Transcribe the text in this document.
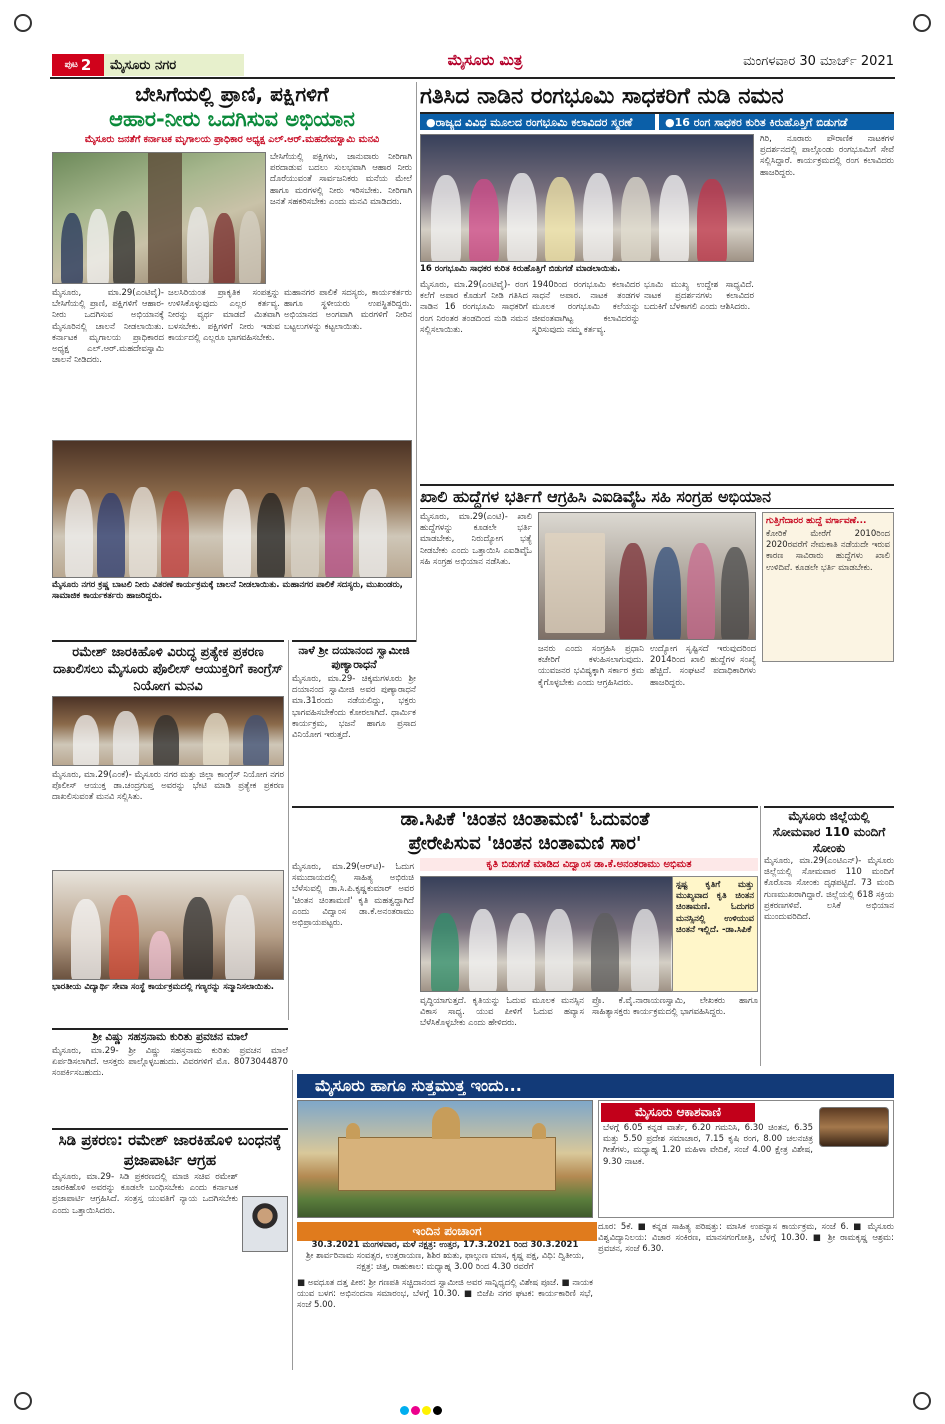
ಪುಟ 2	ಮೈಸೂರು ನಗರ	ಮೈಸೂರು ಮಿತ್ರ	ಮಂಗಳವಾರ 30 ಮಾರ್ಚ್ 2021
ಬೇಸಿಗೆಯಲ್ಲಿ ಪ್ರಾಣಿ, ಪಕ್ಷಿಗಳಿಗೆ
ಆಹಾರ-ನೀರು ಒದಗಿಸುವ ಅಭಿಯಾನ
ಮೈಸೂರು ಜನತೆಗೆ ಕರ್ನಾಟಕ ಮೃಗಾಲಯ ಪ್ರಾಧಿಕಾರ ಅಧ್ಯಕ್ಷ ಎಲ್.ಆರ್.ಮಹದೇವಸ್ವಾಮಿ ಮನವಿ

ಬೇಸಿಗೆಯಲ್ಲಿ ಪಕ್ಷಿಗಳು, ಜಾನುವಾರು ನೀರಿಗಾಗಿ ಪರದಾಡುವ ಬದಲು ಸುಲಭವಾಗಿ ಆಹಾರ ನೀರು ದೊರೆಯುವಂತೆ ಸಾರ್ವಜನಿಕರು ಮನೆಯ ಮೇಲೆ ಹಾಗೂ ಮರಗಳಲ್ಲಿ ನೀರು ಇರಿಸಬೇಕು. ನೀರಿಗಾಗಿ ಜನತೆ ಸಹಕರಿಸಬೇಕು ಎಂದು ಮನವಿ ಮಾಡಿದರು.

ಮೈಸೂರು, ಮಾ.29(ಎಂಟಿವೈ)- ಬೇಸಿಗೆಯಲ್ಲಿ ಪ್ರಾಣಿ, ಪಕ್ಷಿಗಳಿಗೆ ಆಹಾರ-ನೀರು ಒದಗಿಸುವ ಅಭಿಯಾನಕ್ಕೆ ಮೈಸೂರಿನಲ್ಲಿ ಚಾಲನೆ ನೀಡಲಾಯಿತು. ಕರ್ನಾಟಕ ಮೃಗಾಲಯ ಪ್ರಾಧಿಕಾರದ ಅಧ್ಯಕ್ಷ ಎಲ್.ಆರ್.ಮಹದೇವಸ್ವಾಮಿ ಚಾಲನೆ ನೀಡಿದರು.

ಜಲಸಿರಿಯಂತ ಪ್ರಾಕೃತಿಕ ಸಂಪತ್ತನ್ನು ಉಳಿಸಿಕೊಳ್ಳುವುದು ಎಲ್ಲರ ಕರ್ತವ್ಯ. ನೀರನ್ನು ವ್ಯರ್ಥ ಮಾಡದೆ ಮಿತವಾಗಿ ಬಳಸಬೇಕು. ಪಕ್ಷಿಗಳಿಗೆ ನೀರು ಇಡುವ ಕಾರ್ಯದಲ್ಲಿ ಎಲ್ಲರೂ ಭಾಗವಹಿಸಬೇಕು.

ಮಹಾನಗರ ಪಾಲಿಕೆ ಸದಸ್ಯರು, ಕಾರ್ಯಕರ್ತರು ಹಾಗೂ ಸ್ಥಳೀಯರು ಉಪಸ್ಥಿತರಿದ್ದರು. ಅಭಿಯಾನದ ಅಂಗವಾಗಿ ಮರಗಳಿಗೆ ನೀರಿನ ಬಟ್ಟಲುಗಳನ್ನು ಕಟ್ಟಲಾಯಿತು.

ಮೈಸೂರು ನಗರ ಕ್ರಷ್ಣ ಬಾಟಲಿ ನೀರು ವಿತರಣೆ ಕಾರ್ಯಕ್ರಮಕ್ಕೆ ಚಾಲನೆ ನೀಡಲಾಯಿತು. ಮಹಾನಗರ ಪಾಲಿಕೆ ಸದಸ್ಯರು, ಮುಖಂಡರು, ಸಾಮಾಜಿಕ ಕಾರ್ಯಕರ್ತರು ಹಾಜರಿದ್ದರು.
ಗತಿಸಿದ ನಾಡಿನ ರಂಗಭೂಮಿ ಸಾಧಕರಿಗೆ ನುಡಿ ನಮನ
●ರಾಜ್ಯದ ವಿವಿಧ ಮೂಲದ ರಂಗಭೂಮಿ ಕಲಾವಿದರ ಸ್ಮರಣೆ	●16 ರಂಗ ಸಾಧಕರ ಕುರಿತ ಕಿರುಹೊತ್ತಿಗೆ ಬಿಡುಗಡೆ
16 ರಂಗಭೂಮಿ ಸಾಧಕರ ಕುರಿತ ಕಿರುಹೊತ್ತಿಗೆ ಬಿಡುಗಡೆ ಮಾಡಲಾಯಿತು.

ಮೈಸೂರು, ಮಾ.29(ಎಂಟಿವೈ)- ರಂಗ ಕಲೆಗೆ ಅಪಾರ ಕೊಡುಗೆ ನೀಡಿ ಗತಿಸಿದ ನಾಡಿನ 16 ರಂಗಭೂಮಿ ಸಾಧಕರಿಗೆ ರಂಗ ನಿರಂತರ ತಂಡದಿಂದ ನುಡಿ ನಮನ ಸಲ್ಲಿಸಲಾಯಿತು.

1940ರಿಂದ ರಂಗಭೂಮಿ ಕಲಾವಿದರ ಸಾಧನೆ ಅಪಾರ. ನಾಟಕ ತಂಡಗಳ ಮೂಲಕ ರಂಗಭೂಮಿ ಕಲೆಯನ್ನು ಜೀವಂತವಾಗಿಟ್ಟ ಕಲಾವಿದರನ್ನು ಸ್ಮರಿಸುವುದು ನಮ್ಮ ಕರ್ತವ್ಯ.

ಭೂಮಿ ಮುಖ್ಯ ಉದ್ದೇಶ ಸಾಧ್ಯವಿದೆ. ನಾಟಕ ಪ್ರದರ್ಶನಗಳು ಕಲಾವಿದರ ಬದುಕಿಗೆ ಬೆಳಕಾಗಲಿ ಎಂದು ಆಶಿಸಿದರು.

ಗಿರಿ, ನೂರಾರು ಪೌರಾಣಿಕ ನಾಟಕಗಳ ಪ್ರದರ್ಶನದಲ್ಲಿ ಪಾಲ್ಗೊಂಡು ರಂಗಭೂಮಿಗೆ ಸೇವೆ ಸಲ್ಲಿಸಿದ್ದಾರೆ. ಕಾರ್ಯಕ್ರಮದಲ್ಲಿ ರಂಗ ಕಲಾವಿದರು ಹಾಜರಿದ್ದರು.

ಖಾಲಿ ಹುದ್ದೆಗಳ ಭರ್ತಿಗೆ ಆಗ್ರಹಿಸಿ ಎಐಡಿವೈಓ ಸಹಿ ಸಂಗ್ರಹ ಅಭಿಯಾನ

ಮೈಸೂರು, ಮಾ.29(ಎಂಟಿ)- ಖಾಲಿ ಹುದ್ದೆಗಳನ್ನು ಕೂಡಲೇ ಭರ್ತಿ ಮಾಡಬೇಕು, ನಿರುದ್ಯೋಗ ಭತ್ಯೆ ನೀಡಬೇಕು ಎಂದು ಒತ್ತಾಯಿಸಿ ಎಐಡಿವೈಓ ಸಹಿ ಸಂಗ್ರಹ ಅಭಿಯಾನ ನಡೆಸಿತು.

ಜನರು ಎಂದು ಸಂಗ್ರಹಿಸಿ ಪ್ರಧಾನಿ ಕಚೇರಿಗೆ ಕಳುಹಿಸಲಾಗುವುದು. ಯುವಜನರ ಭವಿಷ್ಯಕ್ಕಾಗಿ ಸರ್ಕಾರ ಕ್ರಮ ಕೈಗೊಳ್ಳಬೇಕು ಎಂದು ಆಗ್ರಹಿಸಿದರು.

ಉದ್ಯೋಗ ಸೃಷ್ಟಿಸದೆ ಇರುವುದರಿಂದ 2014ರಿಂದ ಖಾಲಿ ಹುದ್ದೆಗಳ ಸಂಖ್ಯೆ ಹೆಚ್ಚಿದೆ. ಸಂಘಟನೆ ಪದಾಧಿಕಾರಿಗಳು ಹಾಜರಿದ್ದರು.

ಗುತ್ತಿಗೆದಾರರ ಹುದ್ದೆ ವರ್ಗಾವಣೆ...
ಕೋರಿಕೆ ಮೇರೆಗೆ 2010ರಿಂದ 2020ರವರೆಗೆ ನೇಮಕಾತಿ ನಡೆಯದೇ ಇರುವ ಕಾರಣ ಸಾವಿರಾರು ಹುದ್ದೆಗಳು ಖಾಲಿ ಉಳಿದಿವೆ. ಕೂಡಲೇ ಭರ್ತಿ ಮಾಡಬೇಕು.
ರಮೇಶ್ ಜಾರಕಿಹೊಳಿ ವಿರುದ್ಧ ಪ್ರತ್ಯೇಕ ಪ್ರಕರಣ ದಾಖಲಿಸಲು ಮೈಸೂರು ಪೊಲೀಸ್ ಆಯುಕ್ತರಿಗೆ ಕಾಂಗ್ರೆಸ್ ನಿಯೋಗ ಮನವಿ

ಮೈಸೂರು, ಮಾ.29(ಎಂಕೆ)- ಮೈಸೂರು ನಗರ ಮತ್ತು ಜಿಲ್ಲಾ ಕಾಂಗ್ರೆಸ್ ನಿಯೋಗ ನಗರ ಪೊಲೀಸ್ ಆಯುಕ್ತ ಡಾ.ಚಂದ್ರಗುಪ್ತ ಅವರನ್ನು ಭೇಟಿ ಮಾಡಿ ಪ್ರತ್ಯೇಕ ಪ್ರಕರಣ ದಾಖಲಿಸುವಂತೆ ಮನವಿ ಸಲ್ಲಿಸಿತು.

ಭಾರತೀಯ ವಿದ್ಯಾರ್ಥಿ ಸೇವಾ ಸಂಸ್ಥೆ ಕಾರ್ಯಕ್ರಮದಲ್ಲಿ ಗಣ್ಯರನ್ನು ಸನ್ಮಾನಿಸಲಾಯಿತು.
ನಾಳೆ ಶ್ರೀ ದಯಾನಂದ ಸ್ವಾಮೀಜಿ ಪುಣ್ಯಾರಾಧನೆ

ಮೈಸೂರು, ಮಾ.29- ಚಿಕ್ಕಮಗಳೂರು ಶ್ರೀ ದಯಾನಂದ ಸ್ವಾಮೀಜಿ ಅವರ ಪುಣ್ಯಾರಾಧನೆ ಮಾ.31ರಂದು ನಡೆಯಲಿದ್ದು, ಭಕ್ತರು ಭಾಗವಹಿಸಬೇಕೆಂದು ಕೋರಲಾಗಿದೆ. ಧಾರ್ಮಿಕ ಕಾರ್ಯಕ್ರಮ, ಭಜನೆ ಹಾಗೂ ಪ್ರಸಾದ ವಿನಿಯೋಗ ಇರುತ್ತದೆ.

ಡಾ.ಸಿಪಿಕೆ 'ಚಿಂತನ ಚಿಂತಾಮಣಿ' ಓದುವಂತೆ
ಪ್ರೇರೇಪಿಸುವ 'ಚಿಂತನ ಚಿಂತಾಮಣಿ ಸಾರ'
ಕೃತಿ ಬಿಡುಗಡೆ ಮಾಡಿದ ವಿದ್ವಾಂಸ ಡಾ.ಕೆ.ಅನಂತರಾಮು ಅಭಿಮತ

ಮೈಸೂರು, ಮಾ.29(ಆರ್‌ಟಿ)- ಓದುಗ ಸಮುದಾಯದಲ್ಲಿ ಸಾಹಿತ್ಯ ಅಭಿರುಚಿ ಬೆಳೆಸುವಲ್ಲಿ ಡಾ.ಸಿ.ಪಿ.ಕೃಷ್ಣಕುಮಾರ್ ಅವರ 'ಚಿಂತನ ಚಿಂತಾಮಣಿ' ಕೃತಿ ಮಹತ್ವದ್ದಾಗಿದೆ ಎಂದು ವಿದ್ವಾಂಸ ಡಾ.ಕೆ.ಅನಂತರಾಮು ಅಭಿಪ್ರಾಯಪಟ್ಟರು.

ಸ್ಪಷ್ಟ ಕೃತಿಗೆ ಮತ್ತು ಮುಖ್ಯವಾದ ಕೃತಿ ಚಿಂತನ ಚಿಂತಾಮಣಿ. ಓದುಗರ ಮನಸ್ಸಿನಲ್ಲಿ ಉಳಿಯುವ ಚಿಂತನೆ ಇಲ್ಲಿದೆ. -ಡಾ.ಸಿಪಿಕೆ

ವೃದ್ಧಿಯಾಗುತ್ತದೆ. ಕೃತಿಯನ್ನು ಓದುವ ಮೂಲಕ ಮನಸ್ಸಿನ ವಿಕಾಸ ಸಾಧ್ಯ. ಯುವ ಪೀಳಿಗೆ ಓದುವ ಹವ್ಯಾಸ ಬೆಳೆಸಿಕೊಳ್ಳಬೇಕು ಎಂದು ಹೇಳಿದರು.

ಪ್ರೊ. ಕೆ.ವೈ.ನಾರಾಯಣಸ್ವಾಮಿ, ಲೇಖಕರು ಹಾಗೂ ಸಾಹಿತ್ಯಾಸಕ್ತರು ಕಾರ್ಯಕ್ರಮದಲ್ಲಿ ಭಾಗವಹಿಸಿದ್ದರು.

ಮೈಸೂರು ಜಿಲ್ಲೆಯಲ್ಲಿ ಸೋಮವಾರ 110 ಮಂದಿಗೆ ಸೋಂಕು

ಮೈಸೂರು, ಮಾ.29(ಎಂಟಿಎನ್)- ಮೈಸೂರು ಜಿಲ್ಲೆಯಲ್ಲಿ ಸೋಮವಾರ 110 ಮಂದಿಗೆ ಕೊರೊನಾ ಸೋಂಕು ದೃಢಪಟ್ಟಿದೆ. 73 ಮಂದಿ ಗುಣಮುಖರಾಗಿದ್ದಾರೆ. ಜಿಲ್ಲೆಯಲ್ಲಿ 618 ಸಕ್ರಿಯ ಪ್ರಕರಣಗಳಿವೆ. ಲಸಿಕೆ ಅಭಿಯಾನ ಮುಂದುವರಿದಿದೆ.

ಶ್ರೀ ವಿಷ್ಣು ಸಹಸ್ರನಾಮ ಕುರಿತು ಪ್ರವಚನ ಮಾಲೆ

ಮೈಸೂರು, ಮಾ.29- ಶ್ರೀ ವಿಷ್ಣು ಸಹಸ್ರನಾಮ ಕುರಿತು ಪ್ರವಚನ ಮಾಲೆ ಏರ್ಪಡಿಸಲಾಗಿದೆ. ಆಸಕ್ತರು ಪಾಲ್ಗೊಳ್ಳಬಹುದು. ವಿವರಗಳಿಗೆ ಮೊ. 8073044870 ಸಂಪರ್ಕಿಸಬಹುದು.

ಸಿಡಿ ಪ್ರಕರಣ: ರಮೇಶ್ ಜಾರಕಿಹೊಳಿ ಬಂಧನಕ್ಕೆ ಪ್ರಜಾಪಾರ್ಟಿ ಆಗ್ರಹ

ಮೈಸೂರು, ಮಾ.29- ಸಿಡಿ ಪ್ರಕರಣದಲ್ಲಿ ಮಾಜಿ ಸಚಿವ ರಮೇಶ್ ಜಾರಕಿಹೊಳಿ ಅವರನ್ನು ಕೂಡಲೇ ಬಂಧಿಸಬೇಕು ಎಂದು ಕರ್ನಾಟಕ ಪ್ರಜಾಪಾರ್ಟಿ ಆಗ್ರಹಿಸಿದೆ. ಸಂತ್ರಸ್ತ ಯುವತಿಗೆ ನ್ಯಾಯ ಒದಗಿಸಬೇಕು ಎಂದು ಒತ್ತಾಯಿಸಿದರು.

ಮೈಸೂರು ಹಾಗೂ ಸುತ್ತಮುತ್ತ ಇಂದು...
ಮೈಸೂರು ಆಕಾಶವಾಣಿ
ಬೆಳಗ್ಗೆ 6.05 ಕನ್ನಡ ವಾರ್ತೆ, 6.20 ಗಮನಿಸಿ, 6.30 ಚಿಂತನ, 6.35 ಮತ್ತು 5.50 ಪ್ರದೇಶ ಸಮಾಚಾರ, 7.15 ಕೃಷಿ ರಂಗ, 8.00 ಚಲನಚಿತ್ರ ಗೀತೆಗಳು, ಮಧ್ಯಾಹ್ನ 1.20 ಮಹಿಳಾ ವೇದಿಕೆ, ಸಂಜೆ 4.00 ಕ್ಷೇತ್ರ ವಿಶೇಷ, 9.30 ನಾಟಕ.
ಇಂದಿನ ಪಂಚಾಂಗ
30.3.2021 ಮಂಗಳವಾರ, ಮಳೆ ನಕ್ಷತ್ರ: ಉತ್ತರ, 17.3.2021 ರಿಂದ 30.3.2021
ಶ್ರೀ ಶಾರ್ವರಿನಾಮ ಸಂವತ್ಸರ, ಉತ್ತರಾಯಣ, ಶಿಶಿರ ಋತು, ಫಾಲ್ಗುಣ ಮಾಸ, ಕೃಷ್ಣ ಪಕ್ಷ, ವಿಧಿ: ದ್ವಿತೀಯ, ನಕ್ಷತ್ರ: ಚಿತ್ತ, ರಾಹುಕಾಲ: ಮಧ್ಯಾಹ್ನ 3.00 ರಿಂದ 4.30 ರವರೆಗೆ

■ ಅವಧೂತ ದತ್ತ ಪೀಠ: ಶ್ರೀ ಗಣಪತಿ ಸಚ್ಚಿದಾನಂದ ಸ್ವಾಮೀಜಿ ಅವರ ಸಾನ್ನಿಧ್ಯದಲ್ಲಿ ವಿಶೇಷ ಪೂಜೆ. ■ ನಾಯಕ ಯುವ ಬಳಗ: ಅಭಿನಂದನಾ ಸಮಾರಂಭ, ಬೆಳಗ್ಗೆ 10.30. ■ ಬಿಜೆಪಿ ನಗರ ಘಟಕ: ಕಾರ್ಯಕಾರಿಣಿ ಸಭೆ, ಸಂಜೆ 5.00.

ದೂರ: 5ಕೆ. ■ ಕನ್ನಡ ಸಾಹಿತ್ಯ ಪರಿಷತ್ತು: ಮಾಸಿಕ ಉಪನ್ಯಾಸ ಕಾರ್ಯಕ್ರಮ, ಸಂಜೆ 6. ■ ಮೈಸೂರು ವಿಶ್ವವಿದ್ಯಾನಿಲಯ: ವಿಚಾರ ಸಂಕಿರಣ, ಮಾನಸಗಂಗೋತ್ರಿ, ಬೆಳಗ್ಗೆ 10.30. ■ ಶ್ರೀ ರಾಮಕೃಷ್ಣ ಆಶ್ರಮ: ಪ್ರವಚನ, ಸಂಜೆ 6.30.
